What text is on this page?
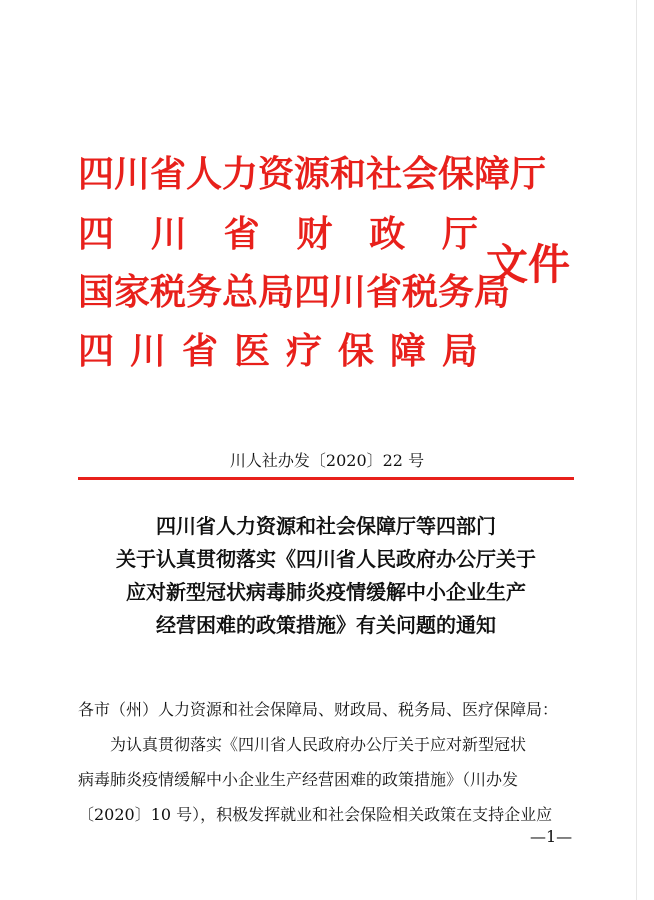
四川省人力资源和社会保障厅
四 川 省 财 政 厅
国家税务总局四川省税务局
四 川 省 医 疗 保 障 局
文件
川人社办发〔2020〕22 号
四川省人力资源和社会保障厅等四部门
关于认真贯彻落实《四川省人民政府办公厅关于
应对新型冠状病毒肺炎疫情缓解中小企业生产
经营困难的政策措施》有关问题的通知
各市（州）人力资源和社会保障局、财政局、税务局、医疗保障局：
为认真贯彻落实《四川省人民政府办公厅关于应对新型冠状
病毒肺炎疫情缓解中小企业生产经营困难的政策措施》（川办发
〔2020〕10 号），积极发挥就业和社会保险相关政策在支持企业应
—1—
